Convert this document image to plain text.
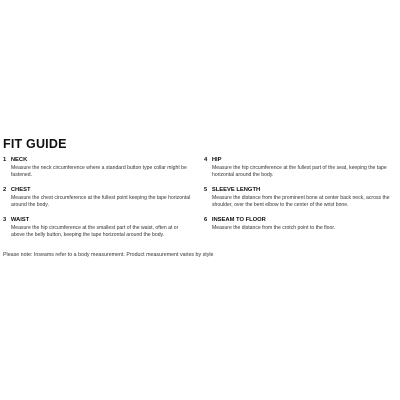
FIT GUIDE
1 NECK
Measure the neck circumference where a standard button type collar might be fastened.
2 CHEST
Measure the chest circumference at the fullest point keeping the tape horizontal around the body.
3 WAIST
Measure the hip circumference at the smallest part of the waist, often at or above the belly button, keeping the tape horizontal around the body.
4 HIP
Measure the hip circumference at the fullest part of the seat, keeping the tape horizontal around the body.
5 SLEEVE LENGTH
Measure the distance from the prominent bone at center back neck, across the shoulder, over the bent elbow to the center of the wrist bone.
6 INSEAM TO FLOOR
Measure the distance from the crotch point to the floor.
Please note: Inseams refer to a body measurement. Product measurement varies by style
